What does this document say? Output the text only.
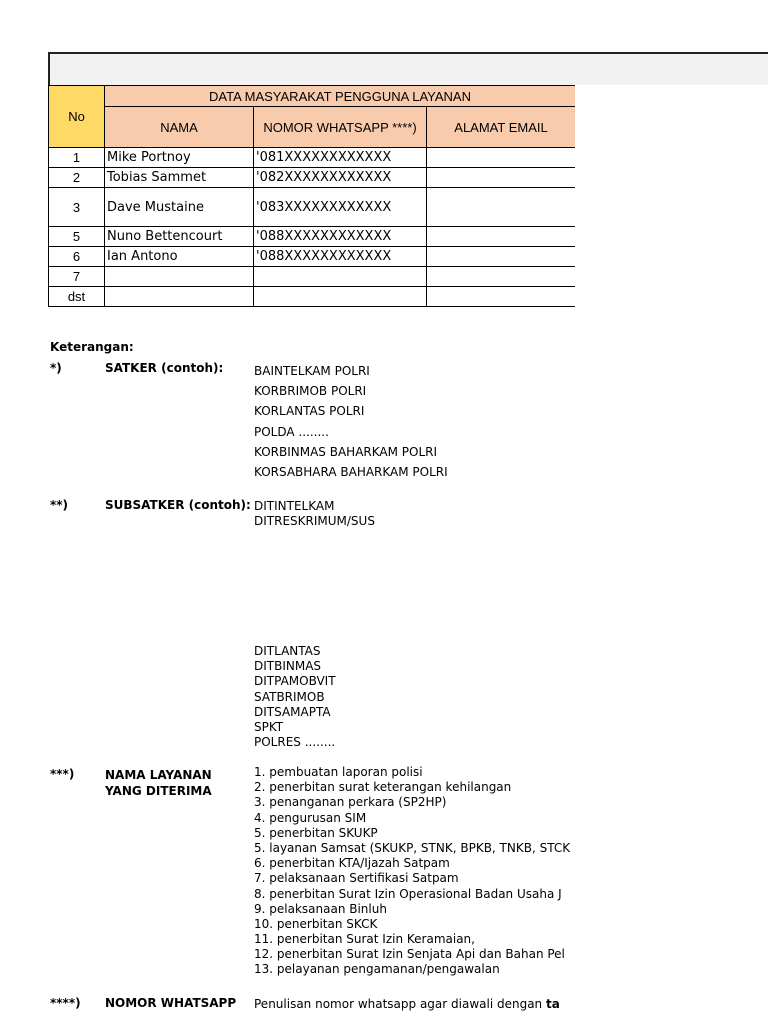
No	DATA MASYARAKAT PENGGUNA LAYANAN		
	NAMA	NOMOR WHATSAPP ****)	ALAMAT EMAIL
1	Mike Portnoy	'081XXXXXXXXXXXX	
2	Tobias Sammet	'082XXXXXXXXXXXX	
3	Dave Mustaine	'083XXXXXXXXXXXX	
5	Nuno Bettencourt	'088XXXXXXXXXXXX	
6	Ian Antono	'088XXXXXXXXXXXX	
7			
dst			
Keterangan:
*)	SATKER (contoh):	BAINTELKAM POLRI
KORBRIMOB POLRI
KORLANTAS POLRI
POLDA ........
KORBINMAS BAHARKAM POLRI
KORSABHARA BAHARKAM POLRI
**)	SUBSATKER (contoh): DITINTELKAM
DITRESKRIMUM/SUS
DITLANTAS
DITBINMAS
DITPAMOBVIT
SATBRIMOB
DITSAMAPTA
SPKT
POLRES ........
***)	NAMA LAYANAN
YANG DITERIMA
1. pembuatan laporan polisi
2. penerbitan surat keterangan kehilangan
3. penanganan perkara (SP2HP)
4. pengurusan SIM
5. penerbitan SKUKP
5. layanan Samsat (SKUKP, STNK, BPKB, TNKB, STCK
6. penerbitan KTA/Ijazah Satpam
7. pelaksanaan Sertifikasi Satpam
8. penerbitan Surat Izin Operasional Badan Usaha J
9. pelaksanaan Binluh
10. penerbitan SKCK
11. penerbitan Surat Izin Keramaian,
12. penerbitan Surat Izin Senjata Api dan Bahan Pel
13. pelayanan pengamanan/pengawalan
****) NOMOR WHATSAPP Penulisan nomor whatsapp agar diawali dengan ta
